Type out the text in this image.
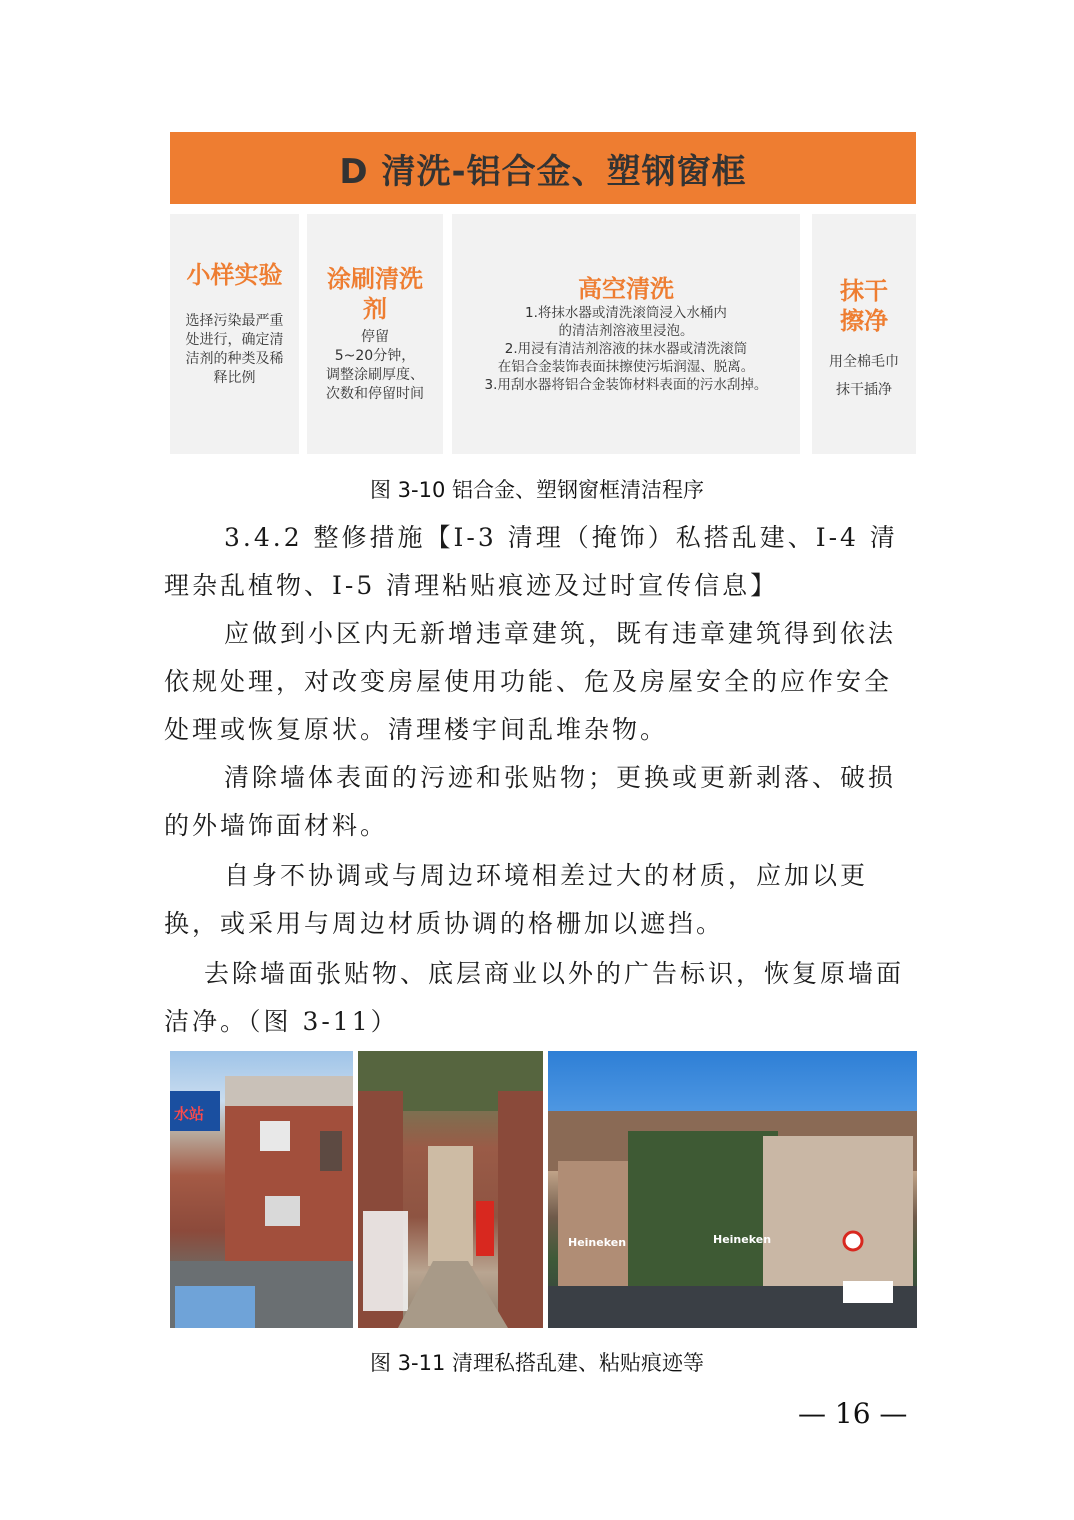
D 清洗-铝合金、塑钢窗框
小样实验
选择污染最严重
处进行，确定清
洁剂的种类及稀
释比例
涂刷清洗剂
停留
5~20分钟，
调整涂刷厚度、
次数和停留时间
高空清洗
1.将抹水器或清洗滚筒浸入水桶内
的清洁剂溶液里浸泡。
2.用浸有清洁剂溶液的抹水器或清洗滚筒
在铝合金装饰表面抹擦使污垢润湿、脱离。
3.用刮水器将铝合金装饰材料表面的污水刮掉。
抹干擦净
用全棉毛巾
抹干插净
图 3-10 铝合金、塑钢窗框清洁程序
3.4.2 整修措施【Ⅰ-3 清理（掩饰）私搭乱建、Ⅰ-4 清理杂乱植物、Ⅰ-5 清理粘贴痕迹及过时宣传信息】
应做到小区内无新增违章建筑，既有违章建筑得到依法依规处理，对改变房屋使用功能、危及房屋安全的应作安全处理或恢复原状。清理楼宇间乱堆杂物。
清除墙体表面的污迹和张贴物；更换或更新剥落、破损的外墙饰面材料。
自身不协调或与周边环境相差过大的材质，应加以更换，或采用与周边材质协调的格栅加以遮挡。
去除墙面张贴物、底层商业以外的广告标识，恢复原墙面洁净。（图 3-11）
水站
Heineken	Heineken
图 3-11 清理私搭乱建、粘贴痕迹等
— 16 —
